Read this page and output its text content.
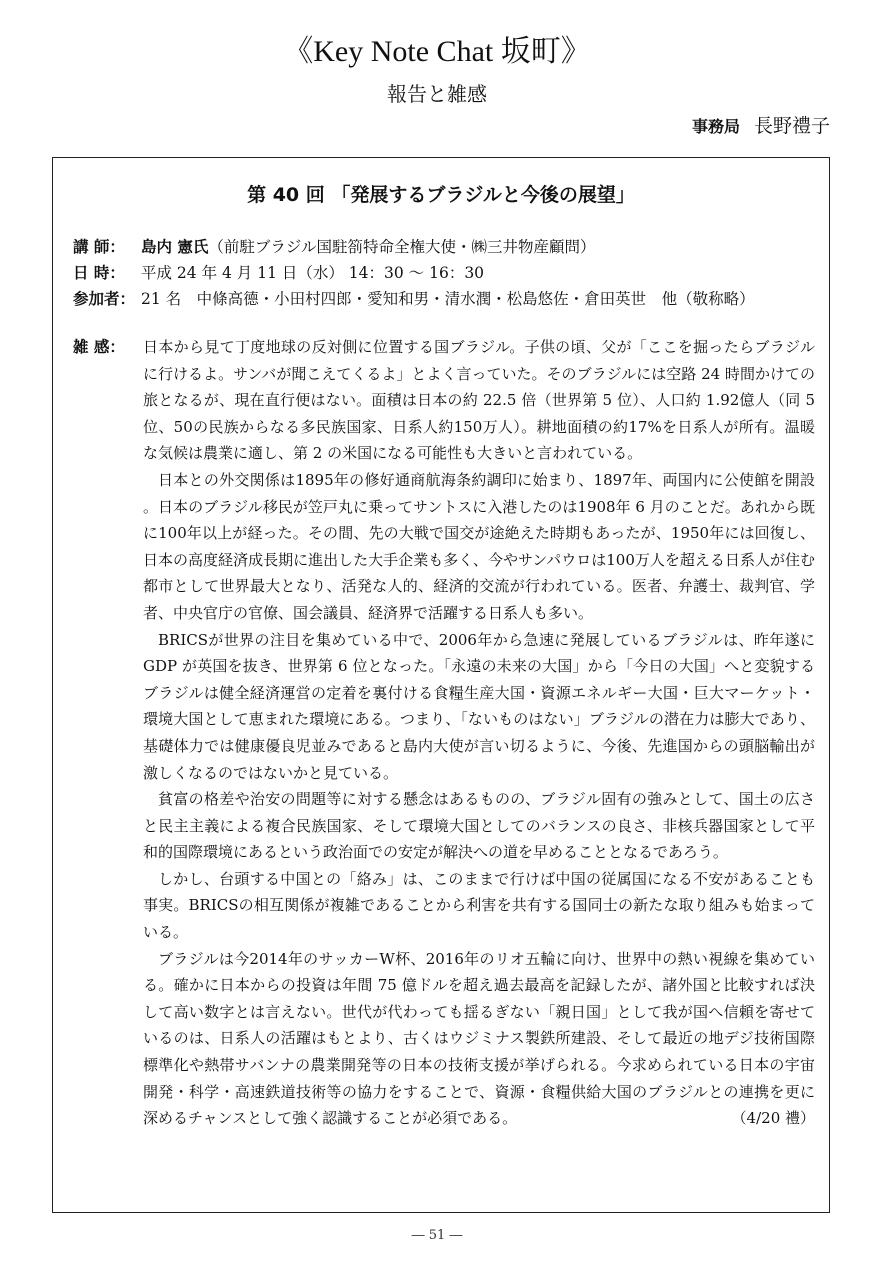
《Key Note Chat 坂町》
報告と雑感
事務局 長野禮子
第 40 回 「発展するブラジルと今後の展望」
講 師： 島内 憲氏（前駐ブラジル国駐箚特命全権大使・㈱三井物産顧問）
日 時： 平成 24 年 4 月 11 日（水） 14：30 ～ 16：30
参加者： 21 名　中條高德・小田村四郎・愛知和男・清水潤・松島悠佐・倉田英世　他（敬称略）
雑 感： 日本から見て丁度地球の反対側に位置する国ブラジル。子供の頃、父が「ここを掘ったらブラジルに行けるよ。サンバが聞こえてくるよ」とよく言っていた。そのブラジルには空路 24 時間かけての旅となるが、現在直行便はない。面積は日本の約 22.5 倍（世界第 5 位）、人口約 1.92億人（同 5 位、50の民族からなる多民族国家、日系人約150万人）。耕地面積の約17%を日系人が所有。温暖な気候は農業に適し、第 2 の米国になる可能性も大きいと言われている。

日本との外交関係は1895年の修好通商航海条約調印に始まり、1897年、両国内に公使館を開設。日本のブラジル移民が笠戸丸に乗ってサントスに入港したのは1908年 6 月のことだ。あれから既に100年以上が経った。その間、先の大戦で国交が途絶えた時期もあったが、1950年には回復し、日本の高度経済成長期に進出した大手企業も多く、今やサンパウロは100万人を超える日系人が住む都市として世界最大となり、活発な人的、経済的交流が行われている。医者、弁護士、裁判官、学者、中央官庁の官僚、国会議員、経済界で活躍する日系人も多い。

BRICSが世界の注目を集めている中で、2006年から急速に発展しているブラジルは、昨年遂に GDP が英国を抜き、世界第 6 位となった。「永遠の未来の大国」から「今日の大国」へと変貌するブラジルは健全経済運営の定着を裏付ける食糧生産大国・資源エネルギー大国・巨大マーケット・環境大国として恵まれた環境にある。つまり、「ないものはない」ブラジルの潜在力は膨大であり、基礎体力では健康優良児並みであると島内大使が言い切るように、今後、先進国からの頭脳輸出が激しくなるのではないかと見ている。

貧富の格差や治安の問題等に対する懸念はあるものの、ブラジル固有の強みとして、国土の広さと民主主義による複合民族国家、そして環境大国としてのバランスの良さ、非核兵器国家として平和的国際環境にあるという政治面での安定が解決への道を早めることとなるであろう。

しかし、台頭する中国との「絡み」は、このままで行けば中国の従属国になる不安があることも事実。BRICSの相互関係が複雑であることから利害を共有する国同士の新たな取り組みも始まっている。

ブラジルは今2014年のサッカーW杯、2016年のリオ五輪に向け、世界中の熱い視線を集めている。確かに日本からの投資は年間 75 億ドルを超え過去最高を記録したが、諸外国と比較すれば決して高い数字とは言えない。世代が代わっても揺るぎない「親日国」として我が国へ信頼を寄せているのは、日系人の活躍はもとより、古くはウジミナス製鉄所建設、そして最近の地デジ技術国際標準化や熱帯サバンナの農業開発等の日本の技術支援が挙げられる。今求められている日本の宇宙開発・科学・高速鉄道技術等の協力をすることで、資源・食糧供給大国のブラジルとの連携を更に深めるチャンスとして強く認識することが必須である。	（4/20 禮）

― 51 ―
